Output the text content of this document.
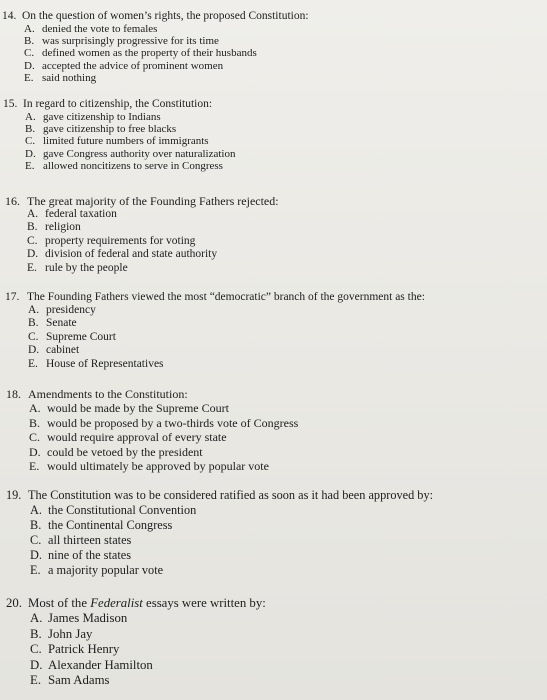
14. On the question of women’s rights, the proposed Constitution:
A. denied the vote to females
B. was surprisingly progressive for its time
C. defined women as the property of their husbands
D. accepted the advice of prominent women
E. said nothing
15. In regard to citizenship, the Constitution:
A. gave citizenship to Indians
B. gave citizenship to free blacks
C. limited future numbers of immigrants
D. gave Congress authority over naturalization
E. allowed noncitizens to serve in Congress
16. The great majority of the Founding Fathers rejected:
A. federal taxation
B. religion
C. property requirements for voting
D. division of federal and state authority
E. rule by the people
17. The Founding Fathers viewed the most “democratic” branch of the government as the:
A. presidency
B. Senate
C. Supreme Court
D. cabinet
E. House of Representatives
18. Amendments to the Constitution:
A. would be made by the Supreme Court
B. would be proposed by a two-thirds vote of Congress
C. would require approval of every state
D. could be vetoed by the president
E. would ultimately be approved by popular vote
19. The Constitution was to be considered ratified as soon as it had been approved by:
A. the Constitutional Convention
B. the Continental Congress
C. all thirteen states
D. nine of the states
E. a majority popular vote
20. Most of the Federalist essays were written by:
A. James Madison
B. John Jay
C. Patrick Henry
D. Alexander Hamilton
E. Sam Adams
